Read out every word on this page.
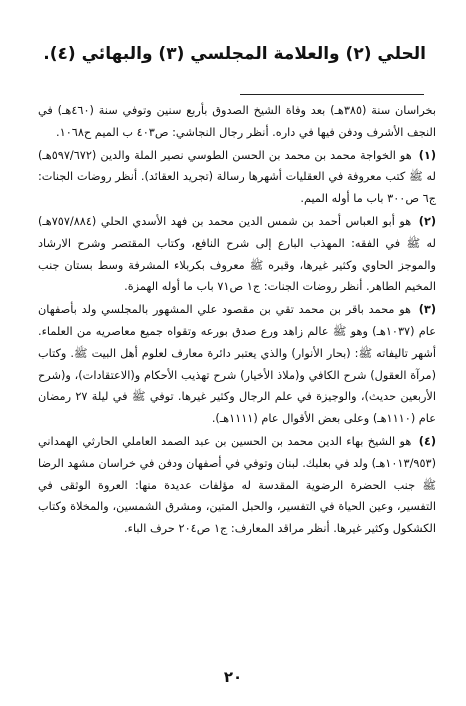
الحلي (٢) والعلامة المجلسي (٣) والبهائي (٤).

بخراسان سنة (٣٨٥هـ) بعد وفاة الشيخ الصدوق بأربع سنين وتوفي سنة (٤٦٠هـ) في النجف الأشرف ودفن فيها في داره. أنظر رجال النجاشي: ص٤٠٣ ب الميم ح١٠٦٨.

(١) هو الخواجة محمد بن محمد بن الحسن الطوسي نصير الملة والدين (٥٩٧/٦٧٢هـ) له ﷺ كتب معروفة في العقليات أشهرها رسالة (تجريد العقائد). أنظر روضات الجنات: ج٦ ص٣٠٠ باب ما أوله الميم.

(٢) هو أبو العباس أحمد بن شمس الدين محمد بن فهد الأسدي الحلي (٧٥٧/٨٨٤هـ) له ﷺ في الفقه: المهذب البارع إلى شرح النافع، وكتاب المقتصر وشرح الارشاد والموجز الحاوي وكثير غيرها، وقبره ﷺ معروف بكربلاء المشرفة وسط بستان جنب المخيم الطاهر. أنظر روضات الجنات: ج١ ص٧١ باب ما أوله الهمزة.

(٣) هو محمد باقر بن محمد تقي بن مقصود علي المشهور بالمجلسي ولد بأصفهان عام (١٠٣٧هـ) وهو ﷺ عالم زاهد ورع صدق بورعه وتقواه جميع معاصريه من العلماء. أشهر تاليفاته ﷺ: (بحار الأنوار) والذي يعتبر دائرة معارف لعلوم أهل البيت ﷺ. وكتاب (مرآة العقول) شرح الكافي و(ملاذ الأخيار) شرح تهذيب الأحكام و(الاعتقادات)، و(شرح الأربعين حديث)، والوجيزة في علم الرجال وكثير غيرها. توفي ﷺ في ليلة ٢٧ رمضان عام (١١١٠هـ) وعلى بعض الأقوال عام (١١١١هـ).

(٤) هو الشيخ بهاء الدين محمد بن الحسين بن عبد الصمد العاملي الحارثي الهمداني (١٠١٣/٩٥٣هـ) ولد في بعلبك. لبنان وتوفي في أصفهان ودفن في خراسان مشهد الرضا ﷺ جنب الحضرة الرضوية المقدسة له مؤلفات عديدة منها: العروة الوثقى في التفسير، وعين الحياة في التفسير، والحبل المتين، ومشرق الشمسين، والمخلاة وكتاب الكشكول وكثير غيرها. أنظر مراقد المعارف: ج١ ص٢٠٤ حرف الباء.

٢٠
